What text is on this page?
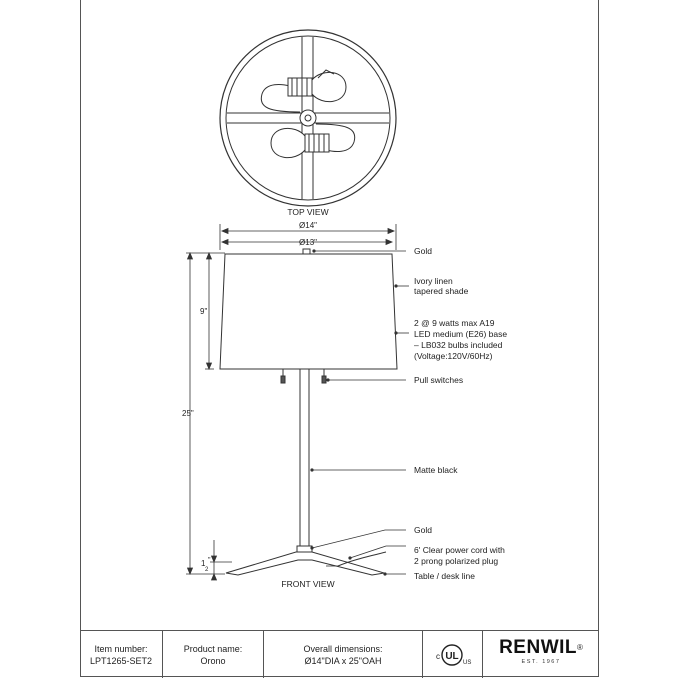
TOP VIEW
Ø14"
Ø13"
9"
25"
1
2
"
FRONT VIEW
Gold
Ivory linen
tapered shade
2 @ 9 watts max A19
LED medium (E26) base
– LB032 bulbs included
(Voltage:120V/60Hz)
Pull switches
Matte black
Gold
6' Clear power cord with
2 prong polarized plug
Table / desk line
Item number:
LPT1265-SET2
Product name:
Orono
Overall dimensions:
Ø14"DIA x 25"OAH	c UL
US
RENWIL®
EST. 1967
